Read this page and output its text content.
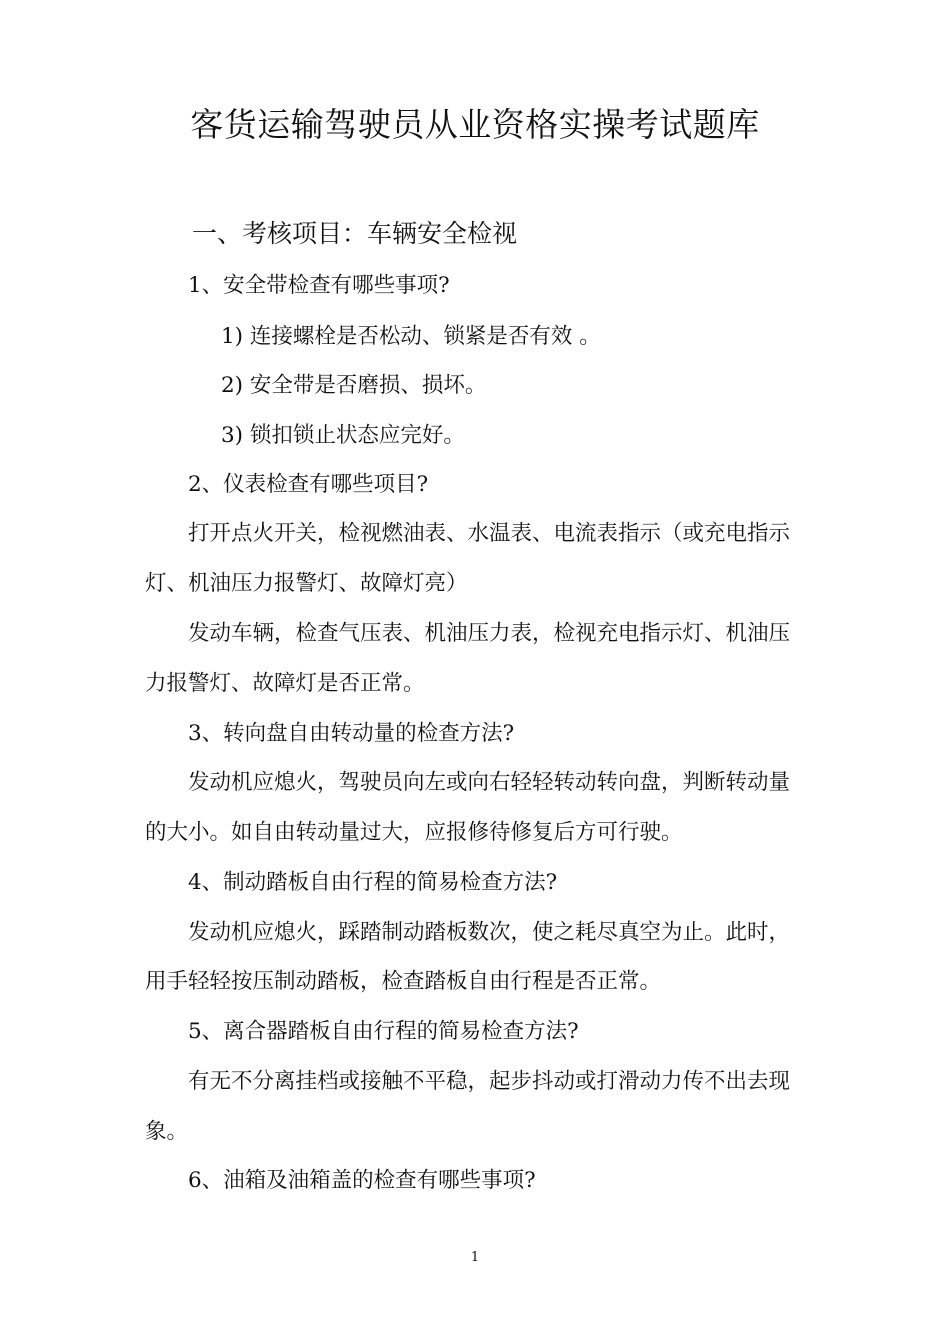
客货运输驾驶员从业资格实操考试题库
一、考核项目：车辆安全检视
1、安全带检查有哪些事项?
1) 连接螺栓是否松动、锁紧是否有效 。
2) 安全带是否磨损、损坏。
3) 锁扣锁止状态应完好。
2、仪表检查有哪些项目?
打开点火开关，检视燃油表、水温表、电流表指示（或充电指示
灯、机油压力报警灯、故障灯亮）
发动车辆，检查气压表、机油压力表，检视充电指示灯、机油压
力报警灯、故障灯是否正常。
3、转向盘自由转动量的检查方法?
发动机应熄火，驾驶员向左或向右轻轻转动转向盘，判断转动量
的大小。如自由转动量过大，应报修待修复后方可行驶。
4、制动踏板自由行程的简易检查方法?
发动机应熄火，踩踏制动踏板数次，使之耗尽真空为止。此时，
用手轻轻按压制动踏板，检查踏板自由行程是否正常。
5、离合器踏板自由行程的简易检查方法?
有无不分离挂档或接触不平稳，起步抖动或打滑动力传不出去现
象。
6、油箱及油箱盖的检查有哪些事项?
1
